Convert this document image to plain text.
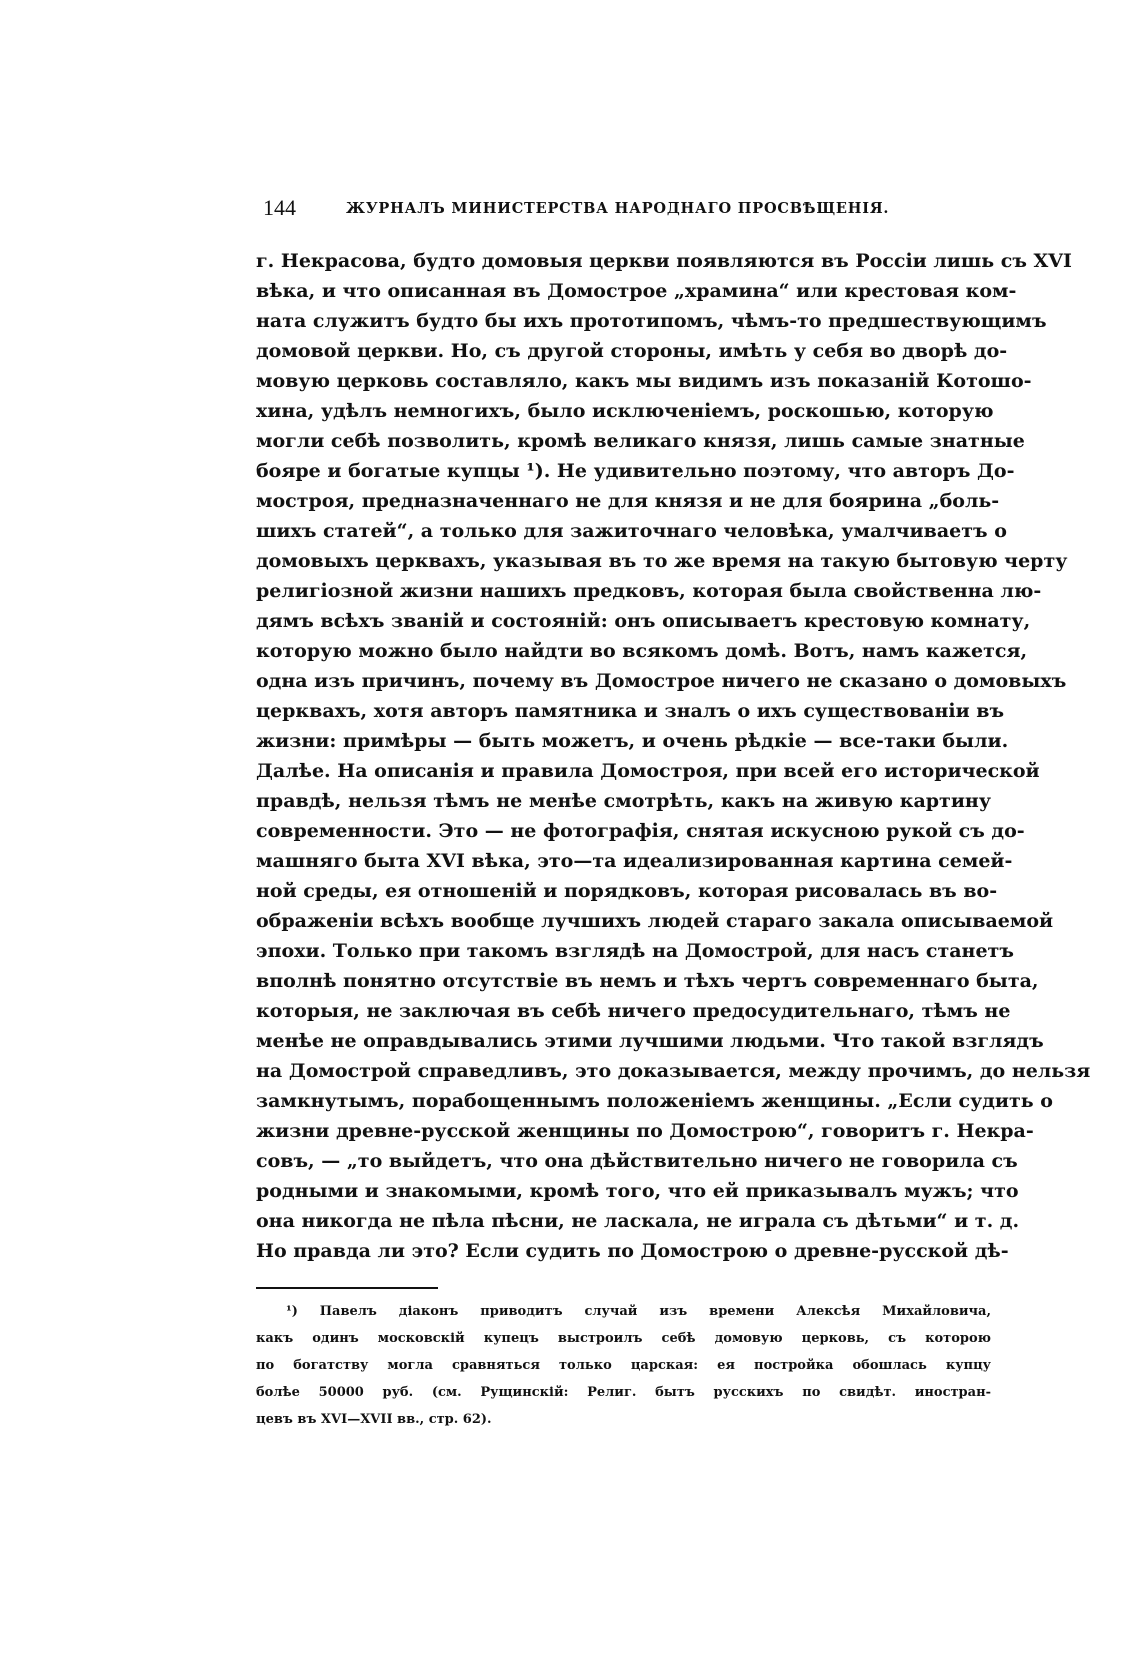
144	ЖУРНАЛЪ МИНИСТЕРСТВА НАРОДНАГО ПРОСВѢЩЕНІЯ.
г. Некрасова, будто домовыя церкви появляются въ Россіи лишь съ XVI
вѣка, и что описанная въ Домострое „храмина“ или крестовая ком-
ната служитъ будто бы ихъ прототипомъ, чѣмъ-то предшествующимъ
домовой церкви. Но, съ другой стороны, имѣть у себя во дворѣ до-
мовую церковь составляло, какъ мы видимъ изъ показаній Котошо-
хина, удѣлъ немногихъ, было исключеніемъ, роскошью, которую
могли себѣ позволить, кромѣ великаго князя, лишь самые знатные
бояре и богатые купцы ¹). Не удивительно поэтому, что авторъ До-
мостроя, предназначеннаго не для князя и не для боярина „боль-
шихъ статей“, а только для зажиточнаго человѣка, умалчиваетъ о
домовыхъ церквахъ, указывая въ то же время на такую бытовую черту
религіозной жизни нашихъ предковъ, которая была свойственна лю-
дямъ всѣхъ званій и состояній: онъ описываетъ крестовую комнату,
которую можно было найдти во всякомъ домѣ. Вотъ, намъ кажется,
одна изъ причинъ, почему въ Домострое ничего не сказано о домовыхъ
церквахъ, хотя авторъ памятника и зналъ о ихъ существованіи въ
жизни: примѣры — быть можетъ, и очень рѣдкіе — все-таки были.
Далѣе. На описанія и правила Домостроя, при всей его исторической
правдѣ, нельзя тѣмъ не менѣе смотрѣть, какъ на живую картину
современности. Это — не фотографія, снятая искусною рукой съ до-
машняго быта XVI вѣка, это—та идеализированная картина семей-
ной среды, ея отношеній и порядковъ, которая рисовалась въ во-
ображеніи всѣхъ вообще лучшихъ людей стараго закала описываемой
эпохи. Только при такомъ взглядѣ на Домострой, для насъ станетъ
вполнѣ понятно отсутствіе въ немъ и тѣхъ чертъ современнаго быта,
которыя, не заключая въ себѣ ничего предосудительнаго, тѣмъ не
менѣе не оправдывались этими лучшими людьми. Что такой взглядъ
на Домострой справедливъ, это доказывается, между прочимъ, до нельзя
замкнутымъ, порабощеннымъ положеніемъ женщины. „Если судить о
жизни древне-русской женщины по Домострою“, говоритъ г. Некра-
совъ, — „то выйдетъ, что она дѣйствительно ничего не говорила съ
родными и знакомыми, кромѣ того, что ей приказывалъ мужъ; что
она никогда не пѣла пѣсни, не ласкала, не играла съ дѣтьми“ и т. д.
Но правда ли это? Если судить по Домострою о древне-русской дѣ-
¹) Павелъ діаконъ приводитъ случай изъ времени Алексѣя Михайловича,
какъ одинъ московскій купецъ выстроилъ себѣ домовую церковь, съ которою
по богатству могла сравняться только царская: ея постройка обошлась купцу
болѣе 50000 руб. (см. Рущинскій: Религ. бытъ русскихъ по свидѣт. иностран-
цевъ въ XVI—XVII вв., стр. 62).
